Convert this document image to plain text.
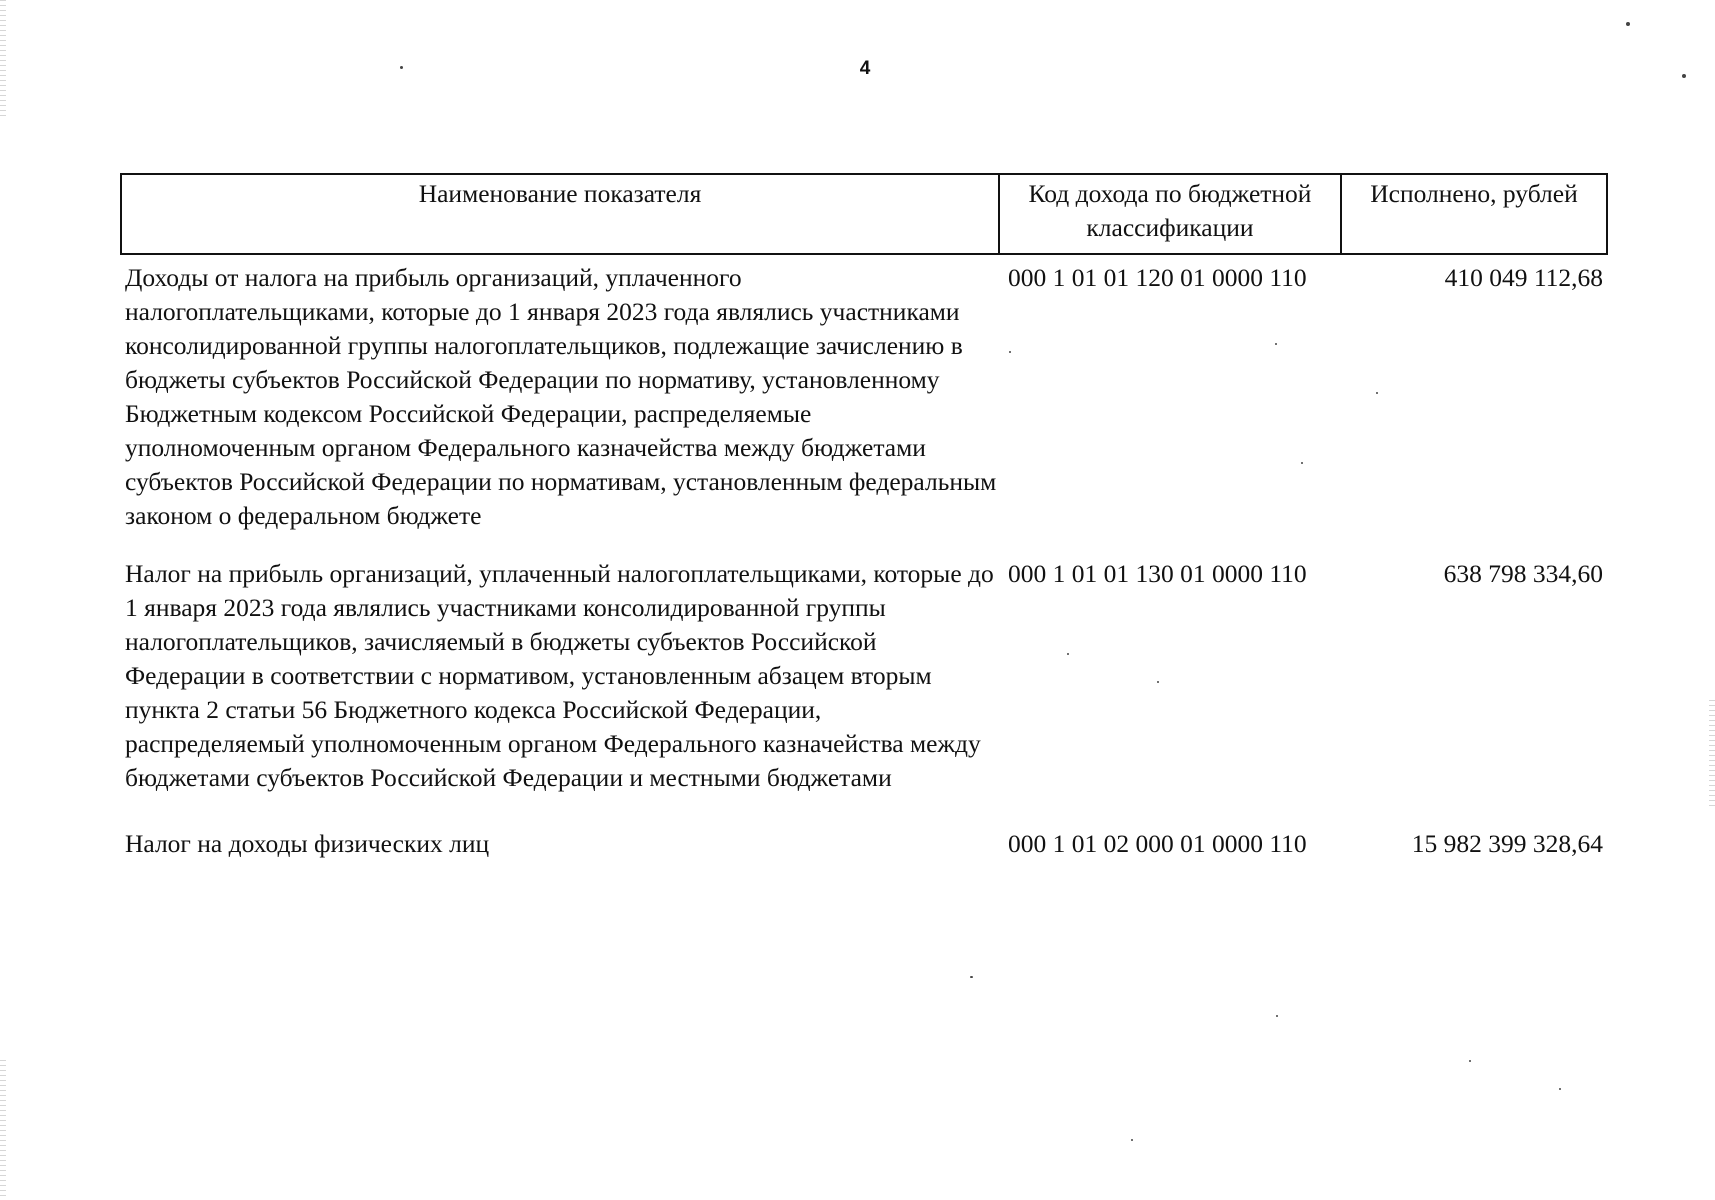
4
Наименование показателя	Код дохода по бюджетной классификации	Исполнено, рублей
Доходы от налога на прибыль организаций, уплаченного налогоплательщиками, которые до 1 января 2023 года являлись участниками консолидированной группы налогоплательщиков, подлежащие зачислению в бюджеты субъектов Российской Федерации по нормативу, установленному Бюджетным кодексом Российской Федерации, распределяемые уполномоченным органом Федерального казначейства между бюджетами субъектов Российской Федерации по нормативам, установленным федеральным законом о федеральном бюджете	000 1 01 01 120 01 0000 110	410 049 112,68
Налог на прибыль организаций, уплаченный налогоплательщиками, которые до 1 января 2023 года являлись участниками консолидированной группы налогоплательщиков, зачисляемый в бюджеты субъектов Российской Федерации в соответствии с нормативом, установленным абзацем вторым пункта 2 статьи 56 Бюджетного кодекса Российской Федерации, распределяемый уполномоченным органом Федерального казначейства между бюджетами субъектов Российской Федерации и местными бюджетами	000 1 01 01 130 01 0000 110	638 798 334,60
Налог на доходы физических лиц	000 1 01 02 000 01 0000 110	15 982 399 328,64
